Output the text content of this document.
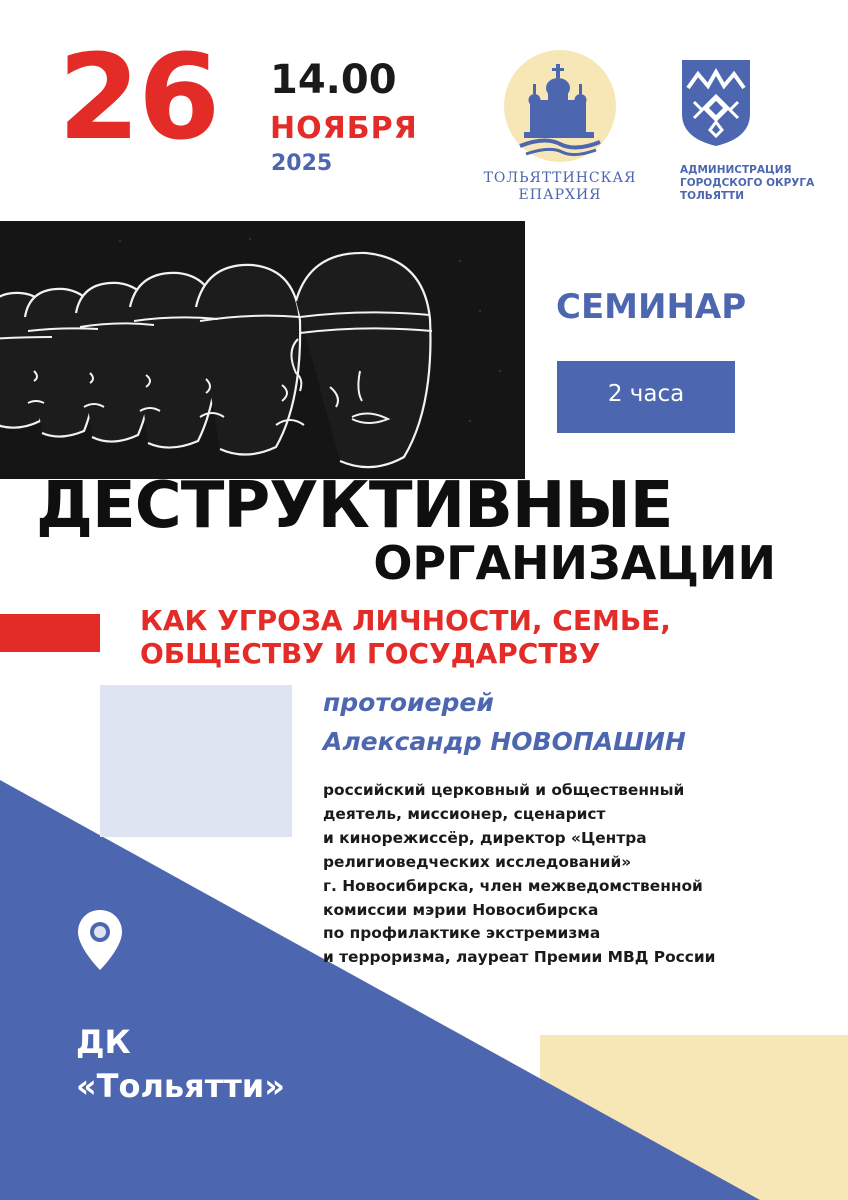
26 14.00
НОЯБРЯ
2025
ТОЛЬЯТТИНСКАЯ
ЕПАРХИЯ
АДМИНИСТРАЦИЯ
ГОРОДСКОГО ОКРУГА
ТОЛЬЯТТИ
СЕМИНАР
2 часа
ДЕСТРУКТИВНЫЕ
ОРГАНИЗАЦИИ
КАК УГРОЗА ЛИЧНОСТИ, СЕМЬЕ,
ОБЩЕСТВУ И ГОСУДАРСТВУ
протоиерей
Александр НОВОПАШИН
российский церковный и общественный
деятель, миссионер, сценарист
и кинорежиссёр, директор «Центра
религиоведческих исследований»
г. Новосибирска, член межведомственной
комиссии мэрии Новосибирска
по профилактике экстремизма
и терроризма, лауреат Премии МВД России
ДК
«Тольятти»
